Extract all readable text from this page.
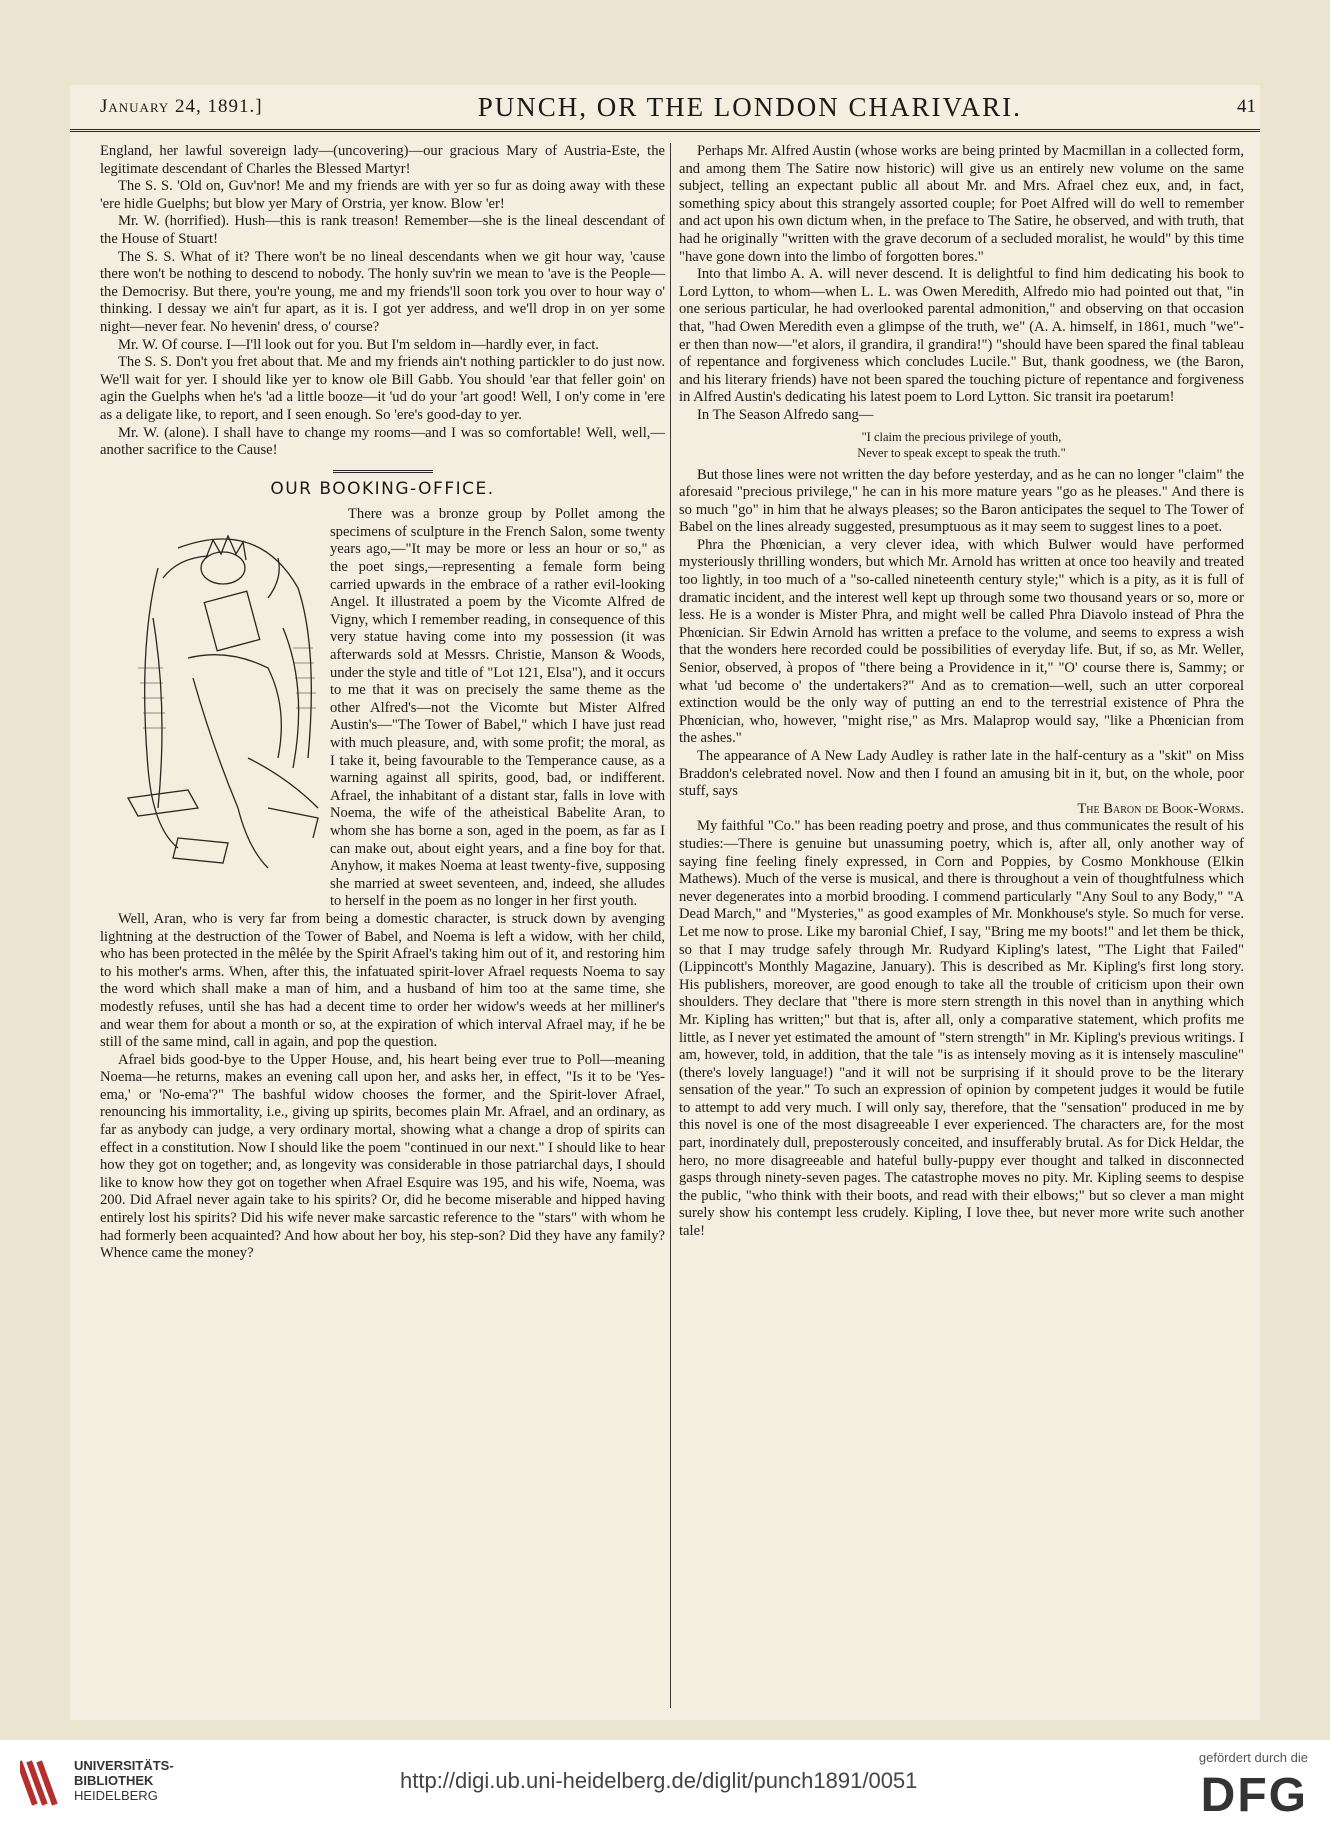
January 24, 1891.]	PUNCH, OR THE LONDON CHARIVARI.	41

England, her lawful sovereign lady—(uncovering)—our gracious Mary of Austria-Este, the legitimate descendant of Charles the Blessed Martyr!

The S. S. 'Old on, Guv'nor! Me and my friends are with yer so fur as doing away with these 'ere hidle Guelphs; but blow yer Mary of Orstria, yer know. Blow 'er!

Mr. W. (horrified). Hush—this is rank treason! Remember—she is the lineal descendant of the House of Stuart!

The S. S. What of it? There won't be no lineal descendants when we git hour way, 'cause there won't be nothing to descend to nobody. The honly suv'rin we mean to 'ave is the People—the Democrisy. But there, you're young, me and my friends'll soon tork you over to hour way o' thinking. I dessay we ain't fur apart, as it is. I got yer address, and we'll drop in on yer some night—never fear. No hevenin' dress, o' course?

Mr. W. Of course. I—I'll look out for you. But I'm seldom in—hardly ever, in fact.

The S. S. Don't you fret about that. Me and my friends ain't nothing partickler to do just now. We'll wait for yer. I should like yer to know ole Bill Gabb. You should 'ear that feller goin' on agin the Guelphs when he's 'ad a little booze—it 'ud do your 'art good! Well, I on'y come in 'ere as a deligate like, to report, and I seen enough. So 'ere's good-day to yer.

Mr. W. (alone). I shall have to change my rooms—and I was so comfortable! Well, well,—another sacrifice to the Cause!

OUR BOOKING-OFFICE.

There was a bronze group by Pollet among the specimens of sculpture in the French Salon, some twenty years ago,—"It may be more or less an hour or so," as the poet sings,—representing a female form being carried upwards in the embrace of a rather evil-looking Angel. It illustrated a poem by the Vicomte Alfred de Vigny, which I remember reading, in consequence of this very statue having come into my possession (it was afterwards sold at Messrs. Christie, Manson & Woods, under the style and title of "Lot 121, Elsa"), and it occurs to me that it was on precisely the same theme as the other Alfred's—not the Vicomte but Mister Alfred Austin's—"The Tower of Babel," which I have just read with much pleasure, and, with some profit; the moral, as I take it, being favourable to the Temperance cause, as a warning against all spirits, good, bad, or indifferent. Afrael, the inhabitant of a distant star, falls in love with Noema, the wife of the atheistical Babelite Aran, to whom she has borne a son, aged in the poem, as far as I can make out, about eight years, and a fine boy for that. Anyhow, it makes Noema at least twenty-five, supposing she married at sweet seventeen, and, indeed, she alludes to herself in the poem as no longer in her first youth.

Well, Aran, who is very far from being a domestic character, is struck down by avenging lightning at the destruction of the Tower of Babel, and Noema is left a widow, with her child, who has been protected in the mêlée by the Spirit Afrael's taking him out of it, and restoring him to his mother's arms. When, after this, the infatuated spirit-lover Afrael requests Noema to say the word which shall make a man of him, and a husband of him too at the same time, she modestly refuses, until she has had a decent time to order her widow's weeds at her milliner's and wear them for about a month or so, at the expiration of which interval Afrael may, if he be still of the same mind, call in again, and pop the question.

Afrael bids good-bye to the Upper House, and, his heart being ever true to Poll—meaning Noema—he returns, makes an evening call upon her, and asks her, in effect, "Is it to be 'Yes-ema,' or 'No-ema'?" The bashful widow chooses the former, and the Spirit-lover Afrael, renouncing his immortality, i.e., giving up spirits, becomes plain Mr. Afrael, and an ordinary, as far as anybody can judge, a very ordinary mortal, showing what a change a drop of spirits can effect in a constitution. Now I should like the poem "continued in our next." I should like to hear how they got on together; and, as longevity was considerable in those patriarchal days, I should like to know how they got on together when Afrael Esquire was 195, and his wife, Noema, was 200. Did Afrael never again take to his spirits? Or, did he become miserable and hipped having entirely lost his spirits? Did his wife never make sarcastic reference to the "stars" with whom he had formerly been acquainted? And how about her boy, his step-son? Did they have any family? Whence came the money?

Perhaps Mr. Alfred Austin (whose works are being printed by Macmillan in a collected form, and among them The Satire now historic) will give us an entirely new volume on the same subject, telling an expectant public all about Mr. and Mrs. Afrael chez eux, and, in fact, something spicy about this strangely assorted couple; for Poet Alfred will do well to remember and act upon his own dictum when, in the preface to The Satire, he observed, and with truth, that had he originally "written with the grave decorum of a secluded moralist, he would" by this time "have gone down into the limbo of forgotten bores."

Into that limbo A. A. will never descend. It is delightful to find him dedicating his book to Lord Lytton, to whom—when L. L. was Owen Meredith, Alfredo mio had pointed out that, "in one serious particular, he had overlooked parental admonition," and observing on that occasion that, "had Owen Meredith even a glimpse of the truth, we" (A. A. himself, in 1861, much "we"-er then than now—"et alors, il grandira, il grandira!") "should have been spared the final tableau of repentance and forgiveness which concludes Lucile." But, thank goodness, we (the Baron, and his literary friends) have not been spared the touching picture of repentance and forgiveness in Alfred Austin's dedicating his latest poem to Lord Lytton. Sic transit ira poetarum!

In The Season Alfredo sang—

"I claim the precious privilege of youth,
Never to speak except to speak the truth."

But those lines were not written the day before yesterday, and as he can no longer "claim" the aforesaid "precious privilege," he can in his more mature years "go as he pleases." And there is so much "go" in him that he always pleases; so the Baron anticipates the sequel to The Tower of Babel on the lines already suggested, presumptuous as it may seem to suggest lines to a poet.

Phra the Phœnician, a very clever idea, with which Bulwer would have performed mysteriously thrilling wonders, but which Mr. Arnold has written at once too heavily and treated too lightly, in too much of a "so-called nineteenth century style;" which is a pity, as it is full of dramatic incident, and the interest well kept up through some two thousand years or so, more or less. He is a wonder is Mister Phra, and might well be called Phra Diavolo instead of Phra the Phœnician. Sir Edwin Arnold has written a preface to the volume, and seems to express a wish that the wonders here recorded could be possibilities of everyday life. But, if so, as Mr. Weller, Senior, observed, à propos of "there being a Providence in it," "O' course there is, Sammy; or what 'ud become o' the undertakers?" And as to cremation—well, such an utter corporeal extinction would be the only way of putting an end to the terrestrial existence of Phra the Phœnician, who, however, "might rise," as Mrs. Malaprop would say, "like a Phœnician from the ashes."

The appearance of A New Lady Audley is rather late in the half-century as a "skit" on Miss Braddon's celebrated novel. Now and then I found an amusing bit in it, but, on the whole, poor stuff, says

The Baron de Book-Worms.

My faithful "Co." has been reading poetry and prose, and thus communicates the result of his studies:—There is genuine but unassuming poetry, which is, after all, only another way of saying fine feeling finely expressed, in Corn and Poppies, by Cosmo Monkhouse (Elkin Mathews). Much of the verse is musical, and there is throughout a vein of thoughtfulness which never degenerates into a morbid brooding. I commend particularly "Any Soul to any Body," "A Dead March," and "Mysteries," as good examples of Mr. Monkhouse's style. So much for verse. Let me now to prose. Like my baronial Chief, I say, "Bring me my boots!" and let them be thick, so that I may trudge safely through Mr. Rudyard Kipling's latest, "The Light that Failed" (Lippincott's Monthly Magazine, January). This is described as Mr. Kipling's first long story. His publishers, moreover, are good enough to take all the trouble of criticism upon their own shoulders. They declare that "there is more stern strength in this novel than in anything which Mr. Kipling has written;" but that is, after all, only a comparative statement, which profits me little, as I never yet estimated the amount of "stern strength" in Mr. Kipling's previous writings. I am, however, told, in addition, that the tale "is as intensely moving as it is intensely masculine" (there's lovely language!) "and it will not be surprising if it should prove to be the literary sensation of the year." To such an expression of opinion by competent judges it would be futile to attempt to add very much. I will only say, therefore, that the "sensation" produced in me by this novel is one of the most disagreeable I ever experienced. The characters are, for the most part, inordinately dull, preposterously conceited, and insufferably brutal. As for Dick Heldar, the hero, no more disagreeable and hateful bully-puppy ever thought and talked in disconnected gasps through ninety-seven pages. The catastrophe moves no pity. Mr. Kipling seems to despise the public, "who think with their boots, and read with their elbows;" but so clever a man might surely show his contempt less crudely. Kipling, I love thee, but never more write such another tale!

UNIVERSITÄTS-
BIBLIOTHEK
HEIDELBERG
http://digi.ub.uni-heidelberg.de/diglit/punch1891/0051
gefördert durch die
DFG
